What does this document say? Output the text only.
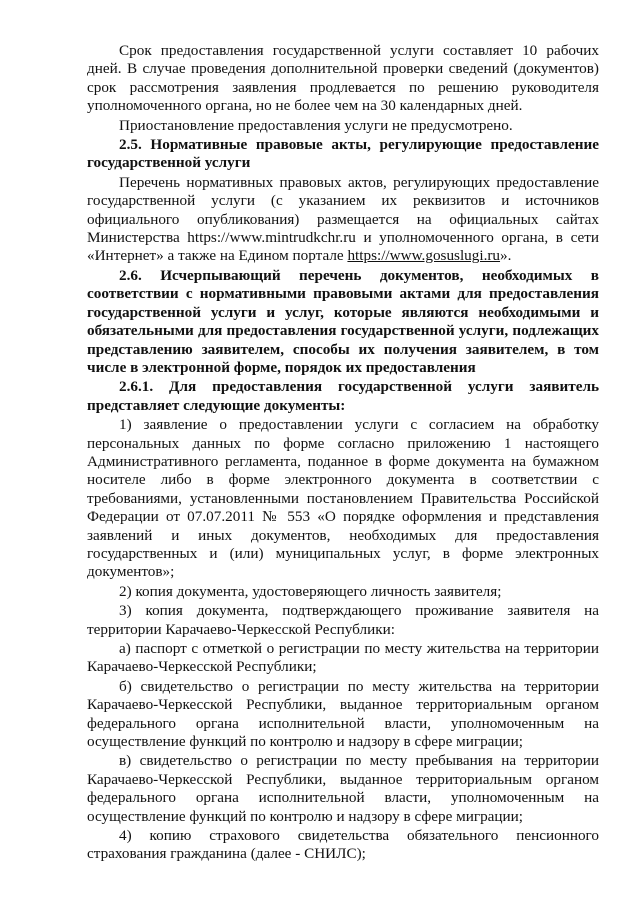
Срок предоставления государственной услуги составляет 10 рабочих дней. В случае проведения дополнительной проверки сведений (документов) срок рассмотрения заявления продлевается по решению руководителя уполномоченного органа, но не более чем на 30 календарных дней.

Приостановление предоставления услуги не предусмотрено.

2.5. Нормативные правовые акты, регулирующие предоставление государственной услуги

Перечень нормативных правовых актов, регулирующих предоставление государственной услуги (с указанием их реквизитов и источников официального опубликования) размещается на официальных сайтах Министерства https://www.mintrudkchr.ru и уполномоченного органа, в сети «Интернет» а также на Едином портале https://www.gosuslugi.ru».

2.6. Исчерпывающий перечень документов, необходимых в соответствии с нормативными правовыми актами для предоставления государственной услуги и услуг, которые являются необходимыми и обязательными для предоставления государственной услуги, подлежащих представлению заявителем, способы их получения заявителем, в том числе в электронной форме, порядок их предоставления

2.6.1. Для предоставления государственной услуги заявитель представляет следующие документы:

1) заявление о предоставлении услуги с согласием на обработку персональных данных по форме согласно приложению 1 настоящего Административного регламента, поданное в форме документа на бумажном носителе либо в форме электронного документа в соответствии с требованиями, установленными постановлением Правительства Российской Федерации от 07.07.2011 № 553 «О порядке оформления и представления заявлений и иных документов, необходимых для предоставления государственных и (или) муниципальных услуг, в форме электронных документов»;

2) копия документа, удостоверяющего личность заявителя;

3) копия документа, подтверждающего проживание заявителя на территории Карачаево-Черкесской Республики:

а) паспорт с отметкой о регистрации по месту жительства на территории Карачаево-Черкесской Республики;

б) свидетельство о регистрации по месту жительства на территории Карачаево-Черкесской Республики, выданное территориальным органом федерального органа исполнительной власти, уполномоченным на осуществление функций по контролю и надзору в сфере миграции;

в) свидетельство о регистрации по месту пребывания на территории Карачаево-Черкесской Республики, выданное территориальным органом федерального органа исполнительной власти, уполномоченным на осуществление функций по контролю и надзору в сфере миграции;

4) копию страхового свидетельства обязательного пенсионного страхования гражданина (далее - СНИЛС);
